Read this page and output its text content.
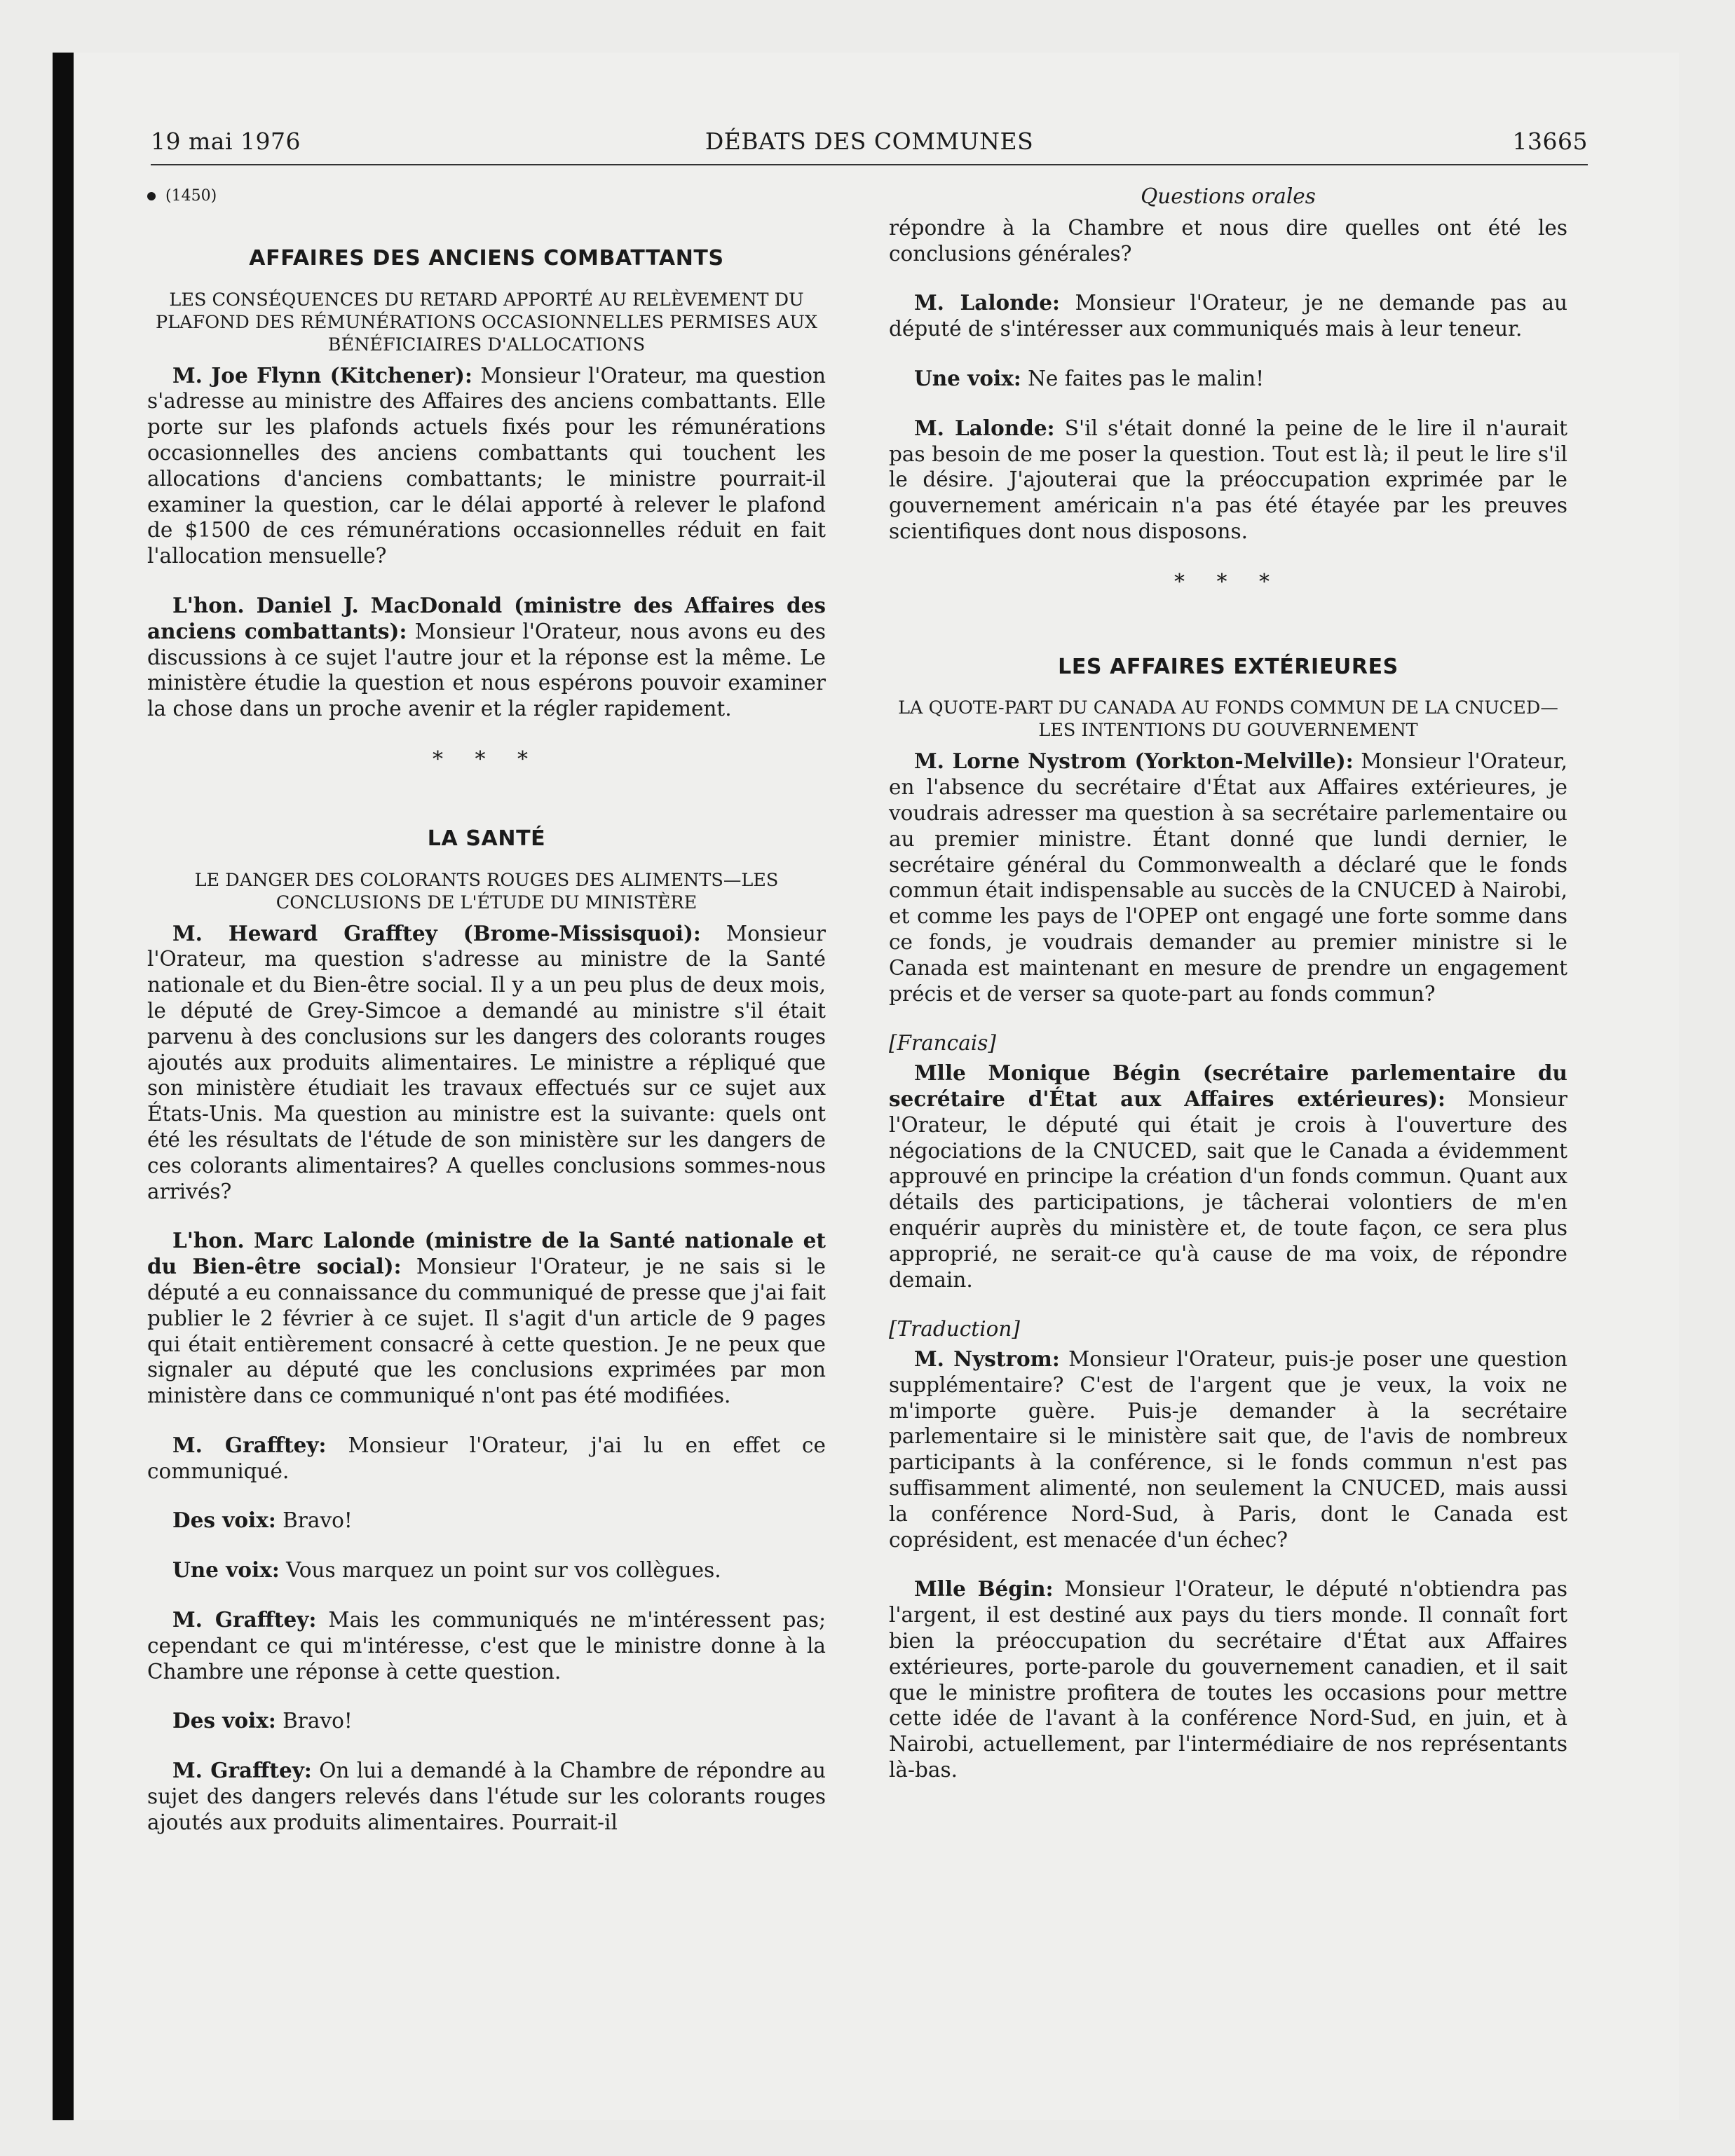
19 mai 1976	DÉBATS DES COMMUNES	13665
(1450)
AFFAIRES DES ANCIENS COMBATTANTS
LES CONSÉQUENCES DU RETARD APPORTÉ AU RELÈVEMENT DU PLAFOND DES RÉMUNÉRATIONS OCCASIONNELLES PERMISES AUX BÉNÉFICIAIRES D'ALLOCATIONS

M. Joe Flynn (Kitchener): Monsieur l'Orateur, ma question s'adresse au ministre des Affaires des anciens combattants. Elle porte sur les plafonds actuels fixés pour les rémunérations occasionnelles des anciens combattants qui touchent les allocations d'anciens combattants; le ministre pourrait-il examiner la question, car le délai apporté à relever le plafond de $1500 de ces rémunérations occasionnelles réduit en fait l'allocation mensuelle?

L'hon. Daniel J. MacDonald (ministre des Affaires des anciens combattants): Monsieur l'Orateur, nous avons eu des discussions à ce sujet l'autre jour et la réponse est la même. Le ministère étudie la question et nous espérons pouvoir examiner la chose dans un proche avenir et la régler rapidement.

* * *
LA SANTÉ
LE DANGER DES COLORANTS ROUGES DES ALIMENTS—LES CONCLUSIONS DE L'ÉTUDE DU MINISTÈRE

M. Heward Grafftey (Brome-Missisquoi): Monsieur l'Orateur, ma question s'adresse au ministre de la Santé nationale et du Bien-être social. Il y a un peu plus de deux mois, le député de Grey-Simcoe a demandé au ministre s'il était parvenu à des conclusions sur les dangers des colorants rouges ajoutés aux produits alimentaires. Le ministre a répliqué que son ministère étudiait les travaux effectués sur ce sujet aux États-Unis. Ma question au ministre est la suivante: quels ont été les résultats de l'étude de son ministère sur les dangers de ces colorants alimentaires? A quelles conclusions sommes-nous arrivés?

L'hon. Marc Lalonde (ministre de la Santé nationale et du Bien-être social): Monsieur l'Orateur, je ne sais si le député a eu connaissance du communiqué de presse que j'ai fait publier le 2 février à ce sujet. Il s'agit d'un article de 9 pages qui était entièrement consacré à cette question. Je ne peux que signaler au député que les conclusions exprimées par mon ministère dans ce communiqué n'ont pas été modifiées.

M. Grafftey: Monsieur l'Orateur, j'ai lu en effet ce communiqué.

Des voix: Bravo!

Une voix: Vous marquez un point sur vos collègues.

M. Grafftey: Mais les communiqués ne m'intéressent pas; cependant ce qui m'intéresse, c'est que le ministre donne à la Chambre une réponse à cette question.

Des voix: Bravo!

M. Grafftey: On lui a demandé à la Chambre de répondre au sujet des dangers relevés dans l'étude sur les colorants rouges ajoutés aux produits alimentaires. Pourrait-il

Questions orales

répondre à la Chambre et nous dire quelles ont été les conclusions générales?

M. Lalonde: Monsieur l'Orateur, je ne demande pas au député de s'intéresser aux communiqués mais à leur teneur.

Une voix: Ne faites pas le malin!

M. Lalonde: S'il s'était donné la peine de le lire il n'aurait pas besoin de me poser la question. Tout est là; il peut le lire s'il le désire. J'ajouterai que la préoccupation exprimée par le gouvernement américain n'a pas été étayée par les preuves scientifiques dont nous disposons.

* * *
LES AFFAIRES EXTÉRIEURES
LA QUOTE-PART DU CANADA AU FONDS COMMUN DE LA CNUCED—LES INTENTIONS DU GOUVERNEMENT

M. Lorne Nystrom (Yorkton-Melville): Monsieur l'Orateur, en l'absence du secrétaire d'État aux Affaires extérieures, je voudrais adresser ma question à sa secrétaire parlementaire ou au premier ministre. Étant donné que lundi dernier, le secrétaire général du Commonwealth a déclaré que le fonds commun était indispensable au succès de la CNUCED à Nairobi, et comme les pays de l'OPEP ont engagé une forte somme dans ce fonds, je voudrais demander au premier ministre si le Canada est maintenant en mesure de prendre un engagement précis et de verser sa quote-part au fonds commun?

[Francais]

Mlle Monique Bégin (secrétaire parlementaire du secrétaire d'État aux Affaires extérieures): Monsieur l'Orateur, le député qui était je crois à l'ouverture des négociations de la CNUCED, sait que le Canada a évidemment approuvé en principe la création d'un fonds commun. Quant aux détails des participations, je tâcherai volontiers de m'en enquérir auprès du ministère et, de toute façon, ce sera plus approprié, ne serait-ce qu'à cause de ma voix, de répondre demain.

[Traduction]

M. Nystrom: Monsieur l'Orateur, puis-je poser une question supplémentaire? C'est de l'argent que je veux, la voix ne m'importe guère. Puis-je demander à la secrétaire parlementaire si le ministère sait que, de l'avis de nombreux participants à la conférence, si le fonds commun n'est pas suffisamment alimenté, non seulement la CNUCED, mais aussi la conférence Nord-Sud, à Paris, dont le Canada est coprésident, est menacée d'un échec?

Mlle Bégin: Monsieur l'Orateur, le député n'obtiendra pas l'argent, il est destiné aux pays du tiers monde. Il connaît fort bien la préoccupation du secrétaire d'État aux Affaires extérieures, porte-parole du gouvernement canadien, et il sait que le ministre profitera de toutes les occasions pour mettre cette idée de l'avant à la conférence Nord-Sud, en juin, et à Nairobi, actuellement, par l'intermédiaire de nos représentants là-bas.
